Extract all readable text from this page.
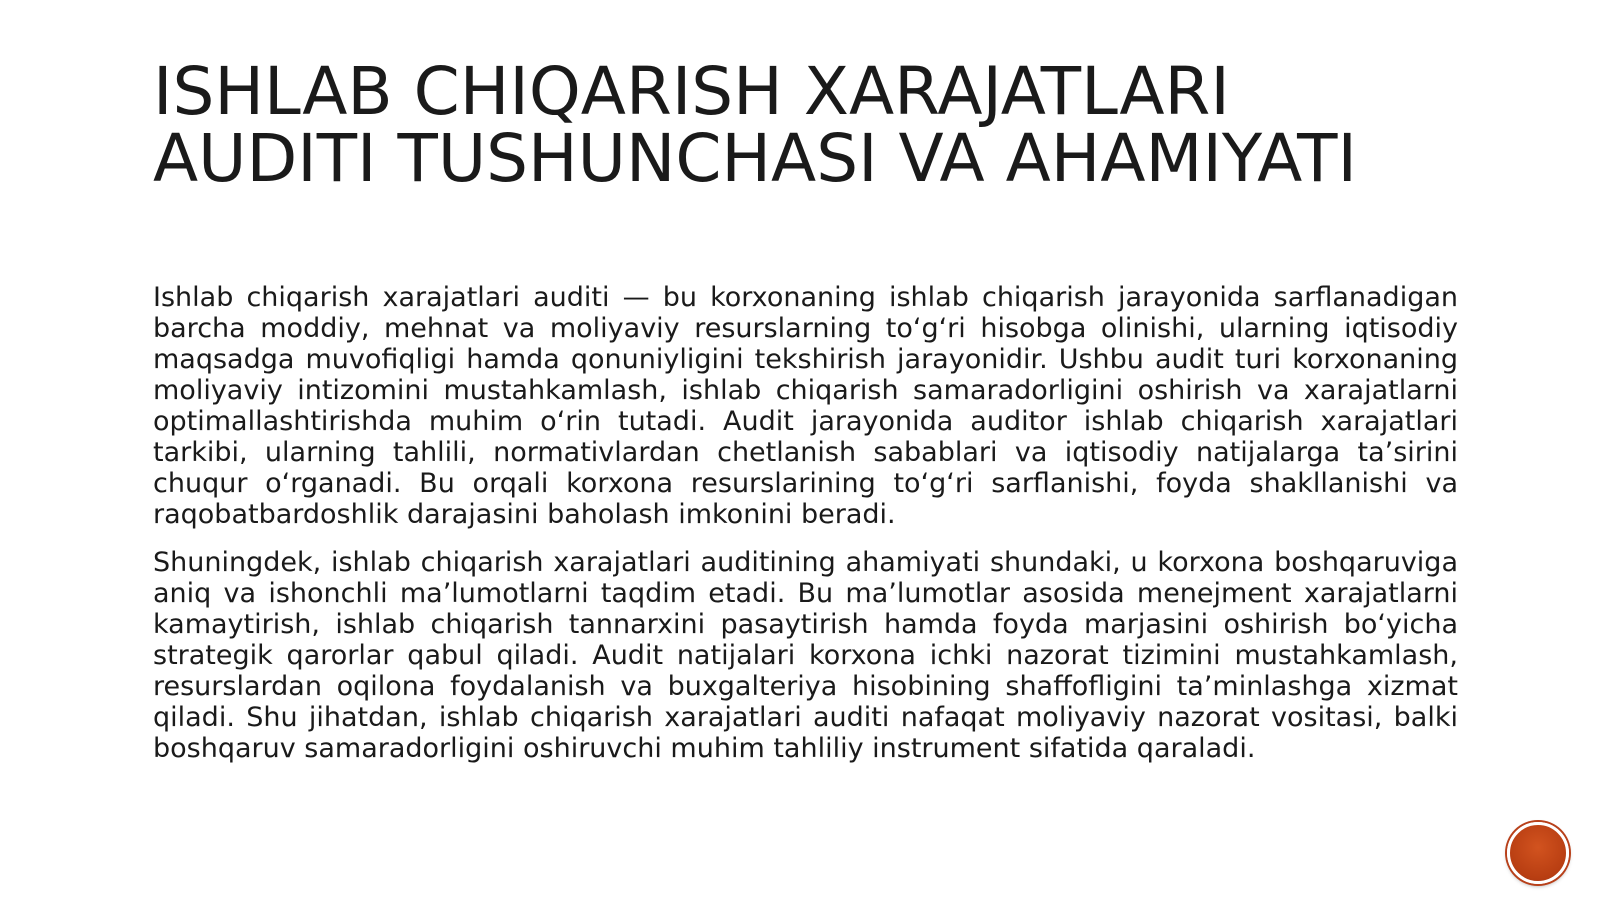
ISHLAB CHIQARISH XARAJATLARI AUDITI TUSHUNCHASI VA AHAMIYATI

Ishlab chiqarish xarajatlari auditi — bu korxonaning ishlab chiqarish jarayonida sarflanadigan barcha moddiy, mehnat va moliyaviy resurslarning to‘g‘ri hisobga olinishi, ularning iqtisodiy maqsadga muvofiqligi hamda qonuniyligini tekshirish jarayonidir. Ushbu audit turi korxonaning moliyaviy intizomini mustahkamlash, ishlab chiqarish samaradorligini oshirish va xarajatlarni optimallashtirishda muhim o‘rin tutadi. Audit jarayonida auditor ishlab chiqarish xarajatlari tarkibi, ularning tahlili, normativlardan chetlanish sabablari va iqtisodiy natijalarga ta’sirini chuqur o‘rganadi. Bu orqali korxona resurslarining to‘g‘ri sarflanishi, foyda shakllanishi va raqobatbardoshlik darajasini baholash imkonini beradi.

Shuningdek, ishlab chiqarish xarajatlari auditining ahamiyati shundaki, u korxona boshqaruviga aniq va ishonchli ma’lumotlarni taqdim etadi. Bu ma’lumotlar asosida menejment xarajatlarni kamaytirish, ishlab chiqarish tannarxini pasaytirish hamda foyda marjasini oshirish bo‘yicha strategik qarorlar qabul qiladi. Audit natijalari korxona ichki nazorat tizimini mustahkamlash, resurslardan oqilona foydalanish va buxgalteriya hisobining shaffofligini ta’minlashga xizmat qiladi. Shu jihatdan, ishlab chiqarish xarajatlari auditi nafaqat moliyaviy nazorat vositasi, balki boshqaruv samaradorligini oshiruvchi muhim tahliliy instrument sifatida qaraladi.
